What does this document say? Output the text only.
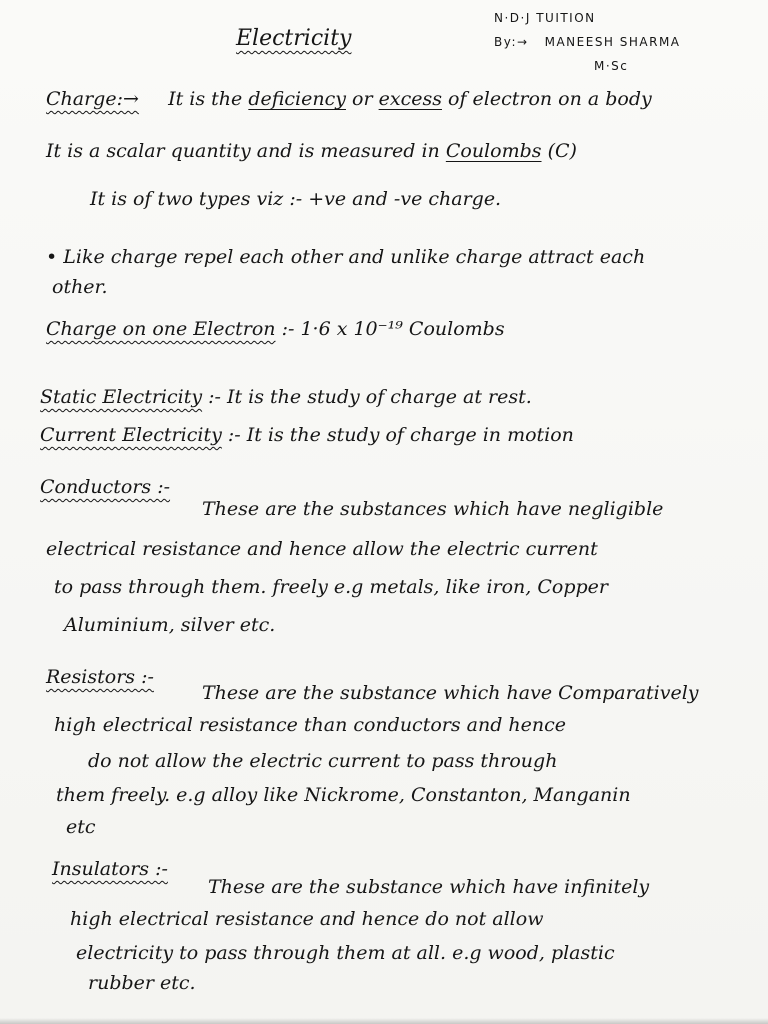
Electricity
N·D·J TUITION
By:→ MANEESH SHARMA
M·Sc
Charge:→ It is the deficiency or excess of electron on a body
It is a scalar quantity and is measured in Coulombs (C)
It is of two types viz :- +ve and -ve charge.
• Like charge repel each other and unlike charge attract each
other.
Charge on one Electron :- 1·6 x 10⁻¹⁹ Coulombs
Static Electricity :- It is the study of charge at rest.
Current Electricity :- It is the study of charge in motion
Conductors :-
These are the substances which have negligible
electrical resistance and hence allow the electric current
to pass through them. freely e.g metals, like iron, Copper
Aluminium, silver etc.
Resistors :-
These are the substance which have Comparatively
high electrical resistance than conductors and hence
do not allow the electric current to pass through
them freely. e.g alloy like Nickrome, Constanton, Manganin
etc
Insulators :-
These are the substance which have infinitely
high electrical resistance and hence do not allow
electricity to pass through them at all. e.g wood, plastic
rubber etc.
